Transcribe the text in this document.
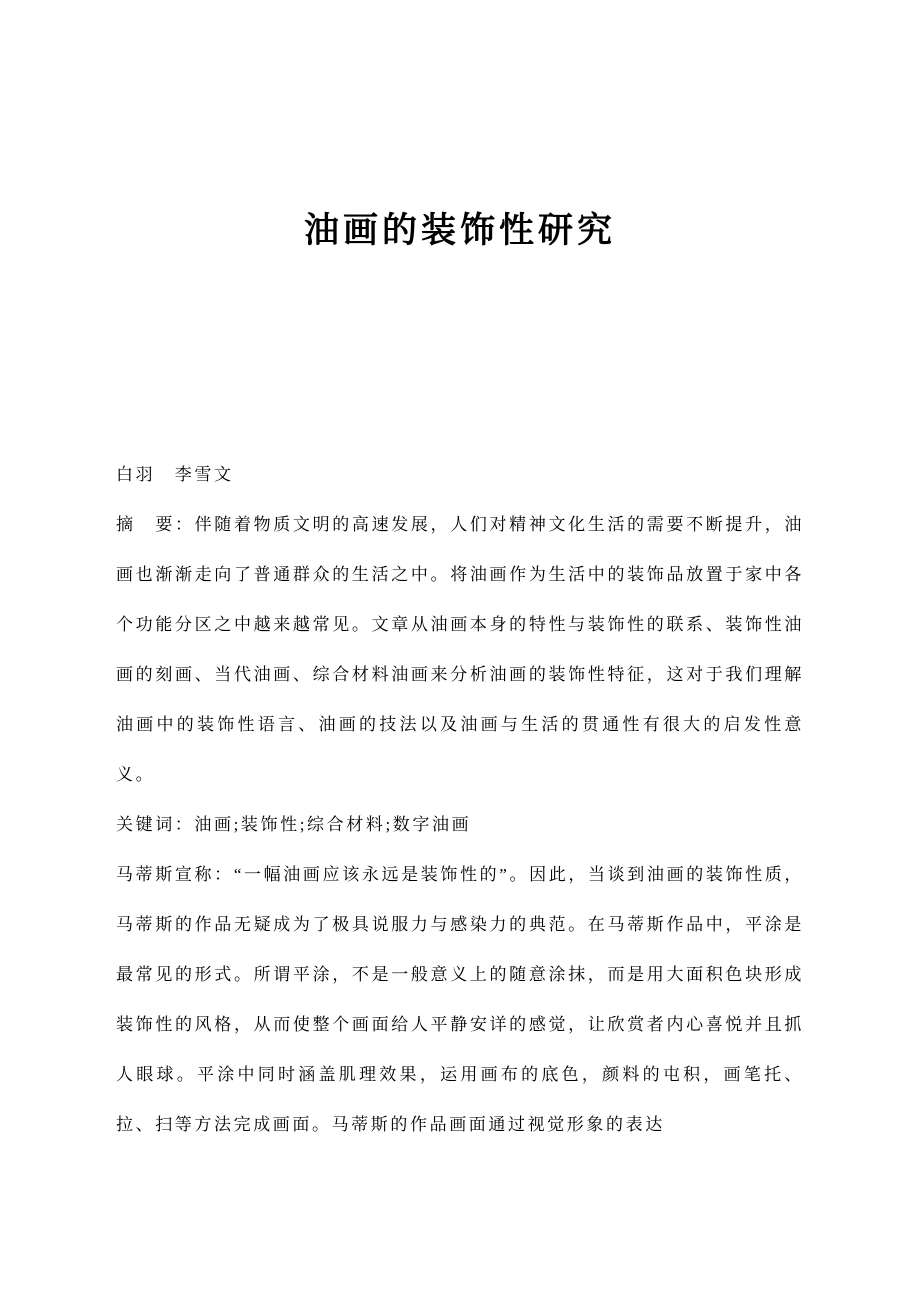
油画的装饰性研究

白羽　李雪文

摘　要：伴随着物质文明的高速发展，人们对精神文化生活的需要不断提升，油画也渐渐走向了普通群众的生活之中。将油画作为生活中的装饰品放置于家中各个功能分区之中越来越常见。文章从油画本身的特性与装饰性的联系、装饰性油画的刻画、当代油画、综合材料油画来分析油画的装饰性特征，这对于我们理解油画中的装饰性语言、油画的技法以及油画与生活的贯通性有很大的启发性意义。

关键词：油画;装饰性;综合材料;数字油画

马蒂斯宣称：“一幅油画应该永远是装饰性的”。因此，当谈到油画的装饰性质，马蒂斯的作品无疑成为了极具说服力与感染力的典范。在马蒂斯作品中，平涂是最常见的形式。所谓平涂，不是一般意义上的随意涂抹，而是用大面积色块形成装饰性的风格，从而使整个画面给人平静安详的感觉，让欣赏者内心喜悦并且抓人眼球。平涂中同时涵盖肌理效果，运用画布的底色，颜料的屯积，画笔托、拉、扫等方法完成画面。马蒂斯的作品画面通过视觉形象的表达
